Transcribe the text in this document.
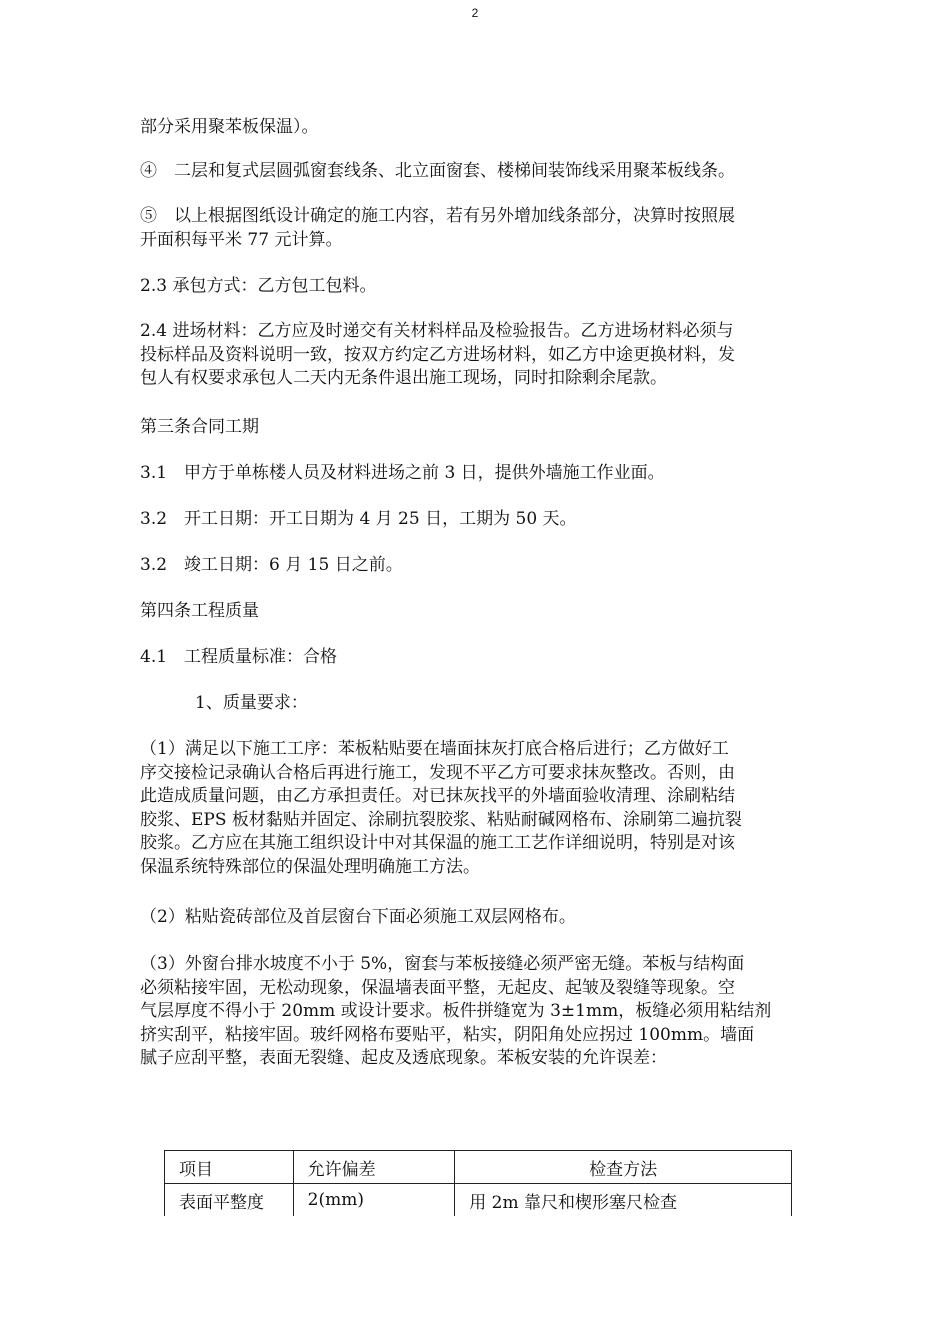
2
部分采用聚苯板保温）。
④　二层和复式层圆弧窗套线条、北立面窗套、楼梯间装饰线采用聚苯板线条。
⑤　以上根据图纸设计确定的施工内容，若有另外增加线条部分，决算时按照展
开面积每平米 77 元计算。
2.3 承包方式：乙方包工包料。
2.4 进场材料：乙方应及时递交有关材料样品及检验报告。乙方进场材料必须与
投标样品及资料说明一致，按双方约定乙方进场材料，如乙方中途更换材料，发
包人有权要求承包人二天内无条件退出施工现场，同时扣除剩余尾款。
第三条合同工期
3.1　甲方于单栋楼人员及材料进场之前 3 日，提供外墙施工作业面。
3.2　开工日期：开工日期为 4 月 25 日，工期为 50 天。
3.2　竣工日期：6 月 15 日之前。
第四条工程质量
4.1　工程质量标准：合格
1、质量要求：
（1）满足以下施工工序：苯板粘贴要在墙面抹灰打底合格后进行；乙方做好工
序交接检记录确认合格后再进行施工，发现不平乙方可要求抹灰整改。否则，由
此造成质量问题，由乙方承担责任。对已抹灰找平的外墙面验收清理、涂刷粘结
胶浆、EPS 板材黏贴并固定、涂刷抗裂胶浆、粘贴耐碱网格布、涂刷第二遍抗裂
胶浆。乙方应在其施工组织设计中对其保温的施工工艺作详细说明，特别是对该
保温系统特殊部位的保温处理明确施工方法。
（2）粘贴瓷砖部位及首层窗台下面必须施工双层网格布。
（3）外窗台排水坡度不小于 5%，窗套与苯板接缝必须严密无缝。苯板与结构面
必须粘接牢固，无松动现象，保温墙表面平整，无起皮、起皱及裂缝等现象。空
气层厚度不得小于 20mm 或设计要求。板件拼缝宽为 3±1mm，板缝必须用粘结剂
挤实刮平，粘接牢固。玻纤网格布要贴平，粘实，阴阳角处应拐过 100mm。墙面
腻子应刮平整，表面无裂缝、起皮及透底现象。苯板安装的允许误差：
项目	允许偏差	检查方法
表面平整度	2(mm)	用 2m 靠尺和楔形塞尺检查
